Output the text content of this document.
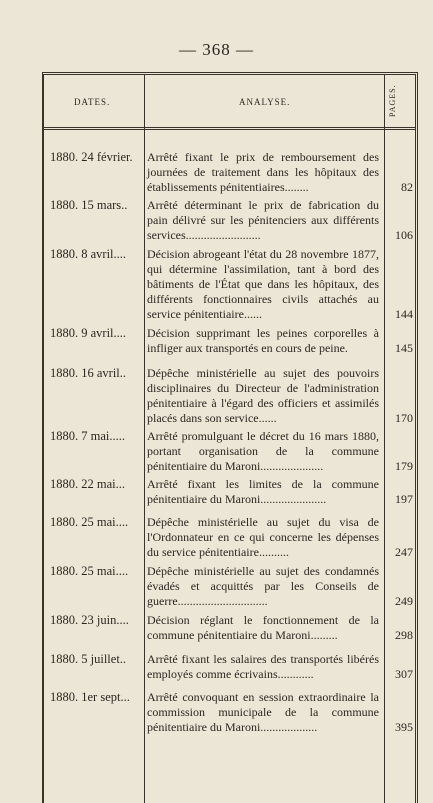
— 368 —
DATES.	ANALYSE.	PAGES.
1880. 24 février.	Arrêté fixant le prix de remboursement des journées de traitement dans les hôpitaux des établissements pénitentiaires........	82
1880. 15 mars..	Arrêté déterminant le prix de fabrication du pain délivré sur les pénitenciers aux différents services.........................	106
1880. 8 avril....	Décision abrogeant l'état du 28 novembre 1877, qui détermine l'assimilation, tant à bord des bâtiments de l'État que dans les hôpitaux, des différents fonctionnaires civils attachés au service pénitentiaire......	144
1880. 9 avril....	Décision supprimant les peines corporelles à infliger aux transportés en cours de peine.	145
1880. 16 avril..	Dépêche ministérielle au sujet des pouvoirs disciplinaires du Directeur de l'administration pénitentiaire à l'égard des officiers et assimilés placés dans son service......	170
1880. 7 mai.....	Arrêté promulguant le décret du 16 mars 1880, portant organisation de la commune pénitentiaire du Maroni.....................	179
1880. 22 mai...	Arrêté fixant les limites de la commune pénitentiaire du Maroni......................	197
1880. 25 mai....	Dépêche ministérielle au sujet du visa de l'Ordonnateur en ce qui concerne les dépenses du service pénitentiaire..........	247
1880. 25 mai....	Dépêche ministérielle au sujet des condamnés évadés et acquittés par les Conseils de guerre..............................	249
1880. 23 juin....	Décision réglant le fonctionnement de la commune pénitentiaire du Maroni.........	298
1880. 5 juillet..	Arrêté fixant les salaires des transportés libérés employés comme écrivains............	307
1880. 1er sept...	Arrêté convoquant en session extraordinaire la commission municipale de la commune pénitentiaire du Maroni...................	395
